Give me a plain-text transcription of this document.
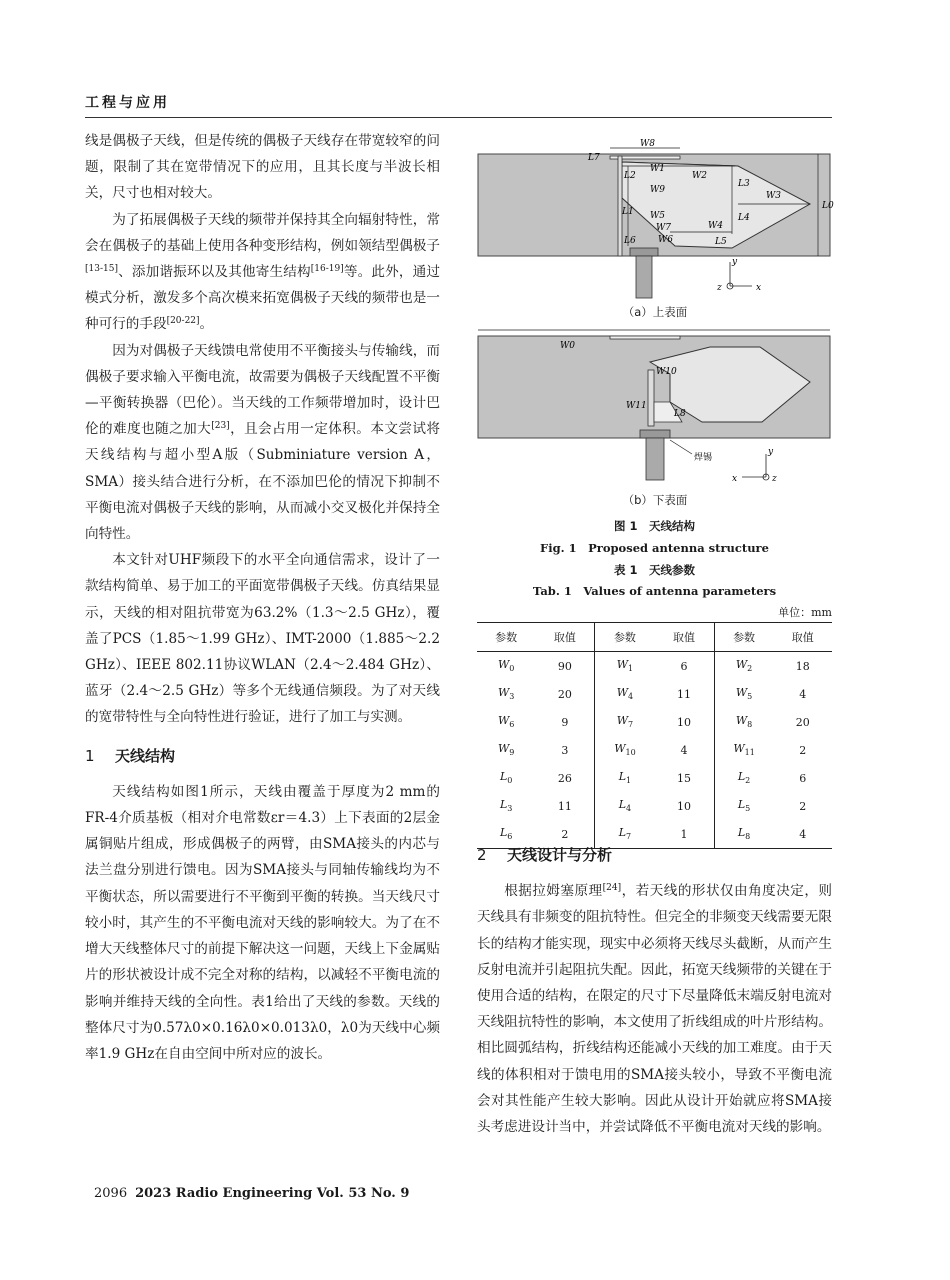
工程与应用

线是偶极子天线，但是传统的偶极子天线存在带宽较窄的问题，限制了其在宽带情况下的应用，且其长度与半波长相关，尺寸也相对较大。

为了拓展偶极子天线的频带并保持其全向辐射特性，常会在偶极子的基础上使用各种变形结构，例如领结型偶极子[13-15]、添加谐振环以及其他寄生结构[16-19]等。此外，通过模式分析，激发多个高次模来拓宽偶极子天线的频带也是一种可行的手段[20-22]。

因为对偶极子天线馈电常使用不平衡接头与传输线，而偶极子要求输入平衡电流，故需要为偶极子天线配置不平衡—平衡转换器（巴伦）。当天线的工作频带增加时，设计巴伦的难度也随之加大[23]，且会占用一定体积。本文尝试将天线结构与超小型A版（Subminiature version A，SMA）接头结合进行分析，在不添加巴伦的情况下抑制不平衡电流对偶极子天线的影响，从而减小交叉极化并保持全向特性。

本文针对UHF频段下的水平全向通信需求，设计了一款结构简单、易于加工的平面宽带偶极子天线。仿真结果显示，天线的相对阻抗带宽为63.2%（1.3～2.5 GHz），覆盖了PCS（1.85～1.99 GHz）、IMT-2000（1.885～2.2 GHz）、IEEE 802.11协议WLAN（2.4～2.484 GHz）、蓝牙（2.4～2.5 GHz）等多个无线通信频段。为了对天线的宽带特性与全向特性进行验证，进行了加工与实测。

1 天线结构

天线结构如图1所示，天线由覆盖于厚度为2 mm的FR-4介质基板（相对介电常数εr＝4.3）上下表面的2层金属铜贴片组成，形成偶极子的两臂，由SMA接头的内芯与法兰盘分别进行馈电。因为SMA接头与同轴传输线均为不平衡状态，所以需要进行不平衡到平衡的转换。当天线尺寸较小时，其产生的不平衡电流对天线的影响较大。为了在不增大天线整体尺寸的前提下解决这一问题，天线上下金属贴片的形状被设计成不完全对称的结构，以减轻不平衡电流的影响并维持天线的全向性。表1给出了天线的参数。天线的整体尺寸为0.57λ0×0.16λ0×0.013λ0，λ0为天线中心频率1.9 GHz在自由空间中所对应的波长。

W8
L7
W1
W2
L2
W9
L3
W3
L1 W5
W7	W4
L4
L5
W6
L6
L0
y
z	x
（a）上表面
W0
W10
W11
L8
焊锡
y
x	z
（b）下表面
图 1　天线结构
Fig. 1　Proposed antenna structure
表 1　天线参数
Tab. 1　Values of antenna parameters
单位：mm
参数	取值	参数	取值	参数	取值
$W_0$	90	$W_1$	6	$W_2$	18
$W_3$	20	$W_4$	11	$W_5$	4
$W_6$	9	$W_7$	10	$W_8$	20
$W_9$	3	$W_{10}$	4	$W_{11}$	2
$L_0$	26	$L_1$	15	$L_2$	6
$L_3$	11	$L_4$	10	$L_5$	2
$L_6$	2	$L_7$	1	$L_8$	4
2 天线设计与分析

根据拉姆塞原理[24]，若天线的形状仅由角度决定，则天线具有非频变的阻抗特性。但完全的非频变天线需要无限长的结构才能实现，现实中必须将天线尽头截断，从而产生反射电流并引起阻抗失配。因此，拓宽天线频带的关键在于使用合适的结构，在限定的尺寸下尽量降低末端反射电流对天线阻抗特性的影响，本文使用了折线组成的叶片形结构。相比圆弧结构，折线结构还能减小天线的加工难度。由于天线的体积相对于馈电用的SMA接头较小，导致不平衡电流会对其性能产生较大影响。因此从设计开始就应将SMA接头考虑进设计当中，并尝试降低不平衡电流对天线的影响。

2096 2023 Radio Engineering Vol. 53 No. 9
